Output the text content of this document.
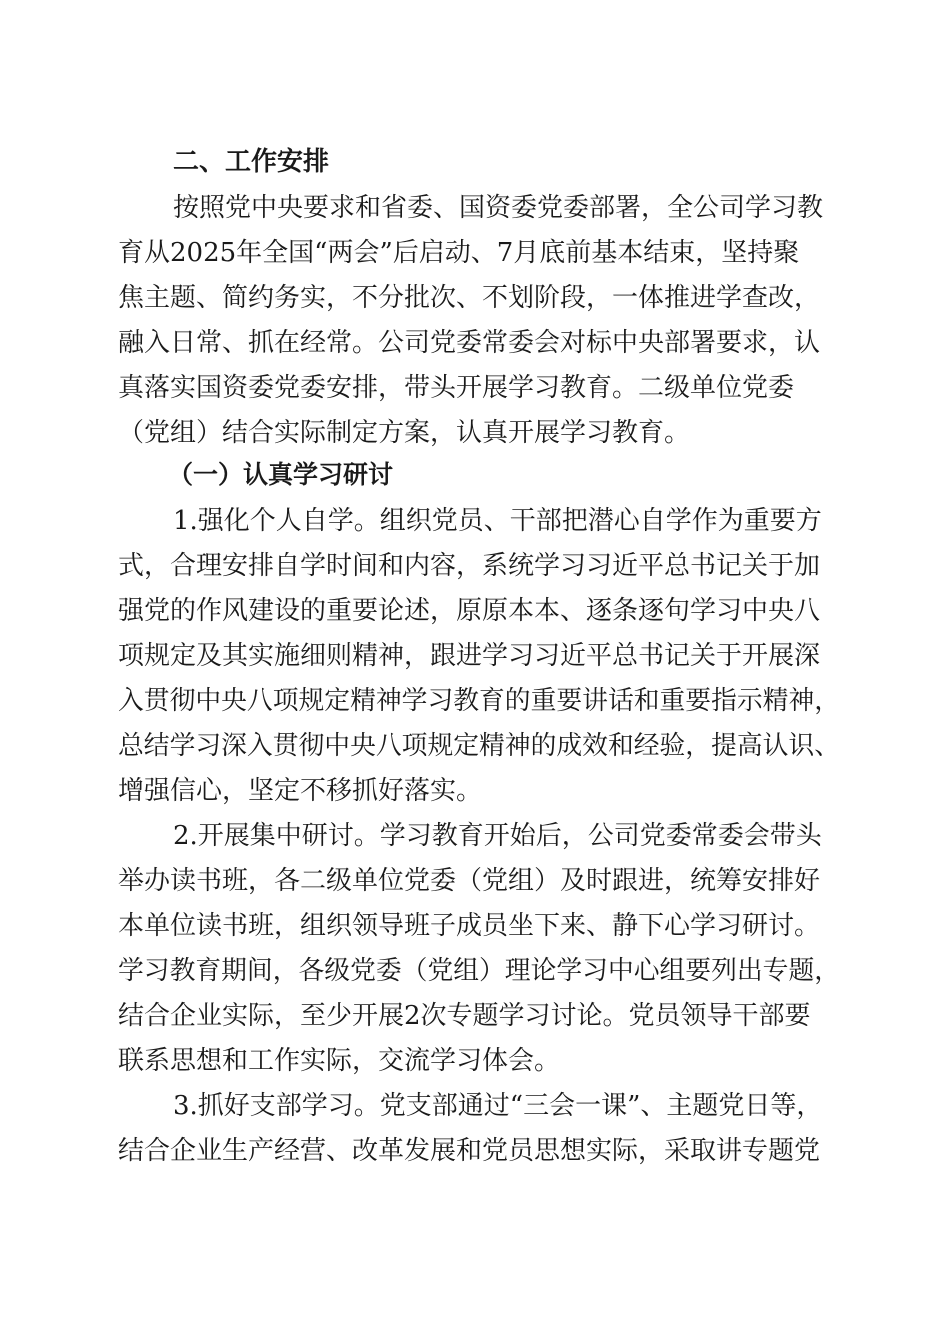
二、工作安排
按照党中央要求和省委、国资委党委部署，全公司学习教
育从2025年全国“两会”后启动、7月底前基本结束，坚持聚
焦主题、简约务实，不分批次、不划阶段，一体推进学查改，
融入日常、抓在经常。公司党委常委会对标中央部署要求，认
真落实国资委党委安排，带头开展学习教育。二级单位党委
（党组）结合实际制定方案，认真开展学习教育。
（一）认真学习研讨
1.强化个人自学。组织党员、干部把潜心自学作为重要方
式，合理安排自学时间和内容，系统学习习近平总书记关于加
强党的作风建设的重要论述，原原本本、逐条逐句学习中央八
项规定及其实施细则精神，跟进学习习近平总书记关于开展深
入贯彻中央八项规定精神学习教育的重要讲话和重要指示精神，
总结学习深入贯彻中央八项规定精神的成效和经验，提高认识、
增强信心，坚定不移抓好落实。
2.开展集中研讨。学习教育开始后，公司党委常委会带头
举办读书班，各二级单位党委（党组）及时跟进，统筹安排好
本单位读书班，组织领导班子成员坐下来、静下心学习研讨。
学习教育期间，各级党委（党组）理论学习中心组要列出专题，
结合企业实际，至少开展2次专题学习讨论。党员领导干部要
联系思想和工作实际，交流学习体会。
3.抓好支部学习。党支部通过“三会一课”、主题党日等，
结合企业生产经营、改革发展和党员思想实际，采取讲专题党
